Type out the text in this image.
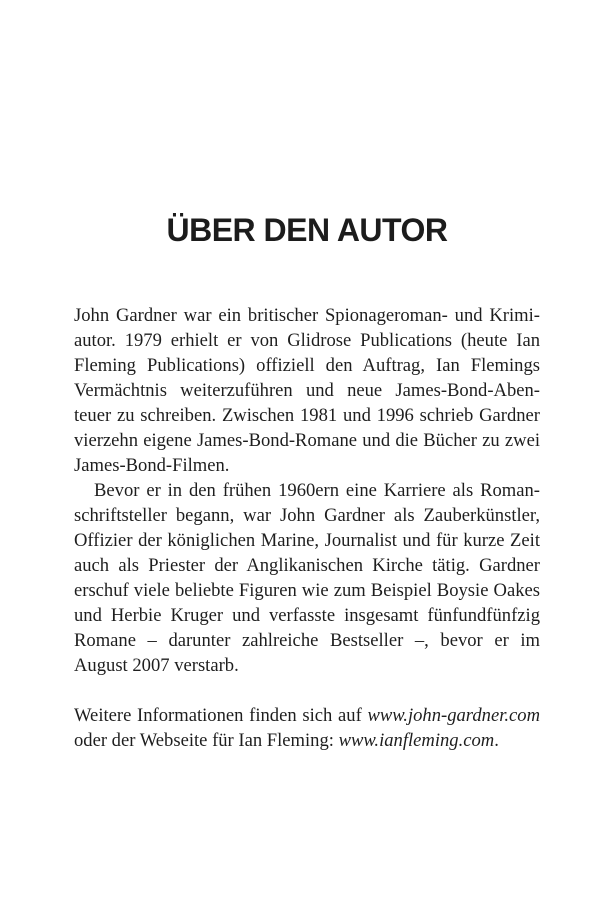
ÜBER DEN AUTOR

John Gardner war ein britischer Spionageroman- und Krimi-
autor. 1979 erhielt er von Glidrose Publications (heute Ian
Fleming Publications) offiziell den Auftrag, Ian Flemings
Vermächtnis weiterzuführen und neue James-Bond-Aben-
teuer zu schreiben. Zwischen 1981 und 1996 schrieb Gardner
vierzehn eigene James-Bond-Romane und die Bücher zu zwei
James-Bond-Filmen.

Bevor er in den frühen 1960ern eine Karriere als Roman-
schriftsteller begann, war John Gardner als Zauberkünstler,
Offizier der königlichen Marine, Journalist und für kurze Zeit
auch als Priester der Anglikanischen Kirche tätig. Gardner
erschuf viele beliebte Figuren wie zum Beispiel Boysie Oakes
und Herbie Kruger und verfasste insgesamt fünfundfünfzig
Romane – darunter zahlreiche Bestseller –, bevor er im
August 2007 verstarb.

Weitere Informationen finden sich auf www.john-gardner.com
oder der Webseite für Ian Fleming: www.ianfleming.com.
